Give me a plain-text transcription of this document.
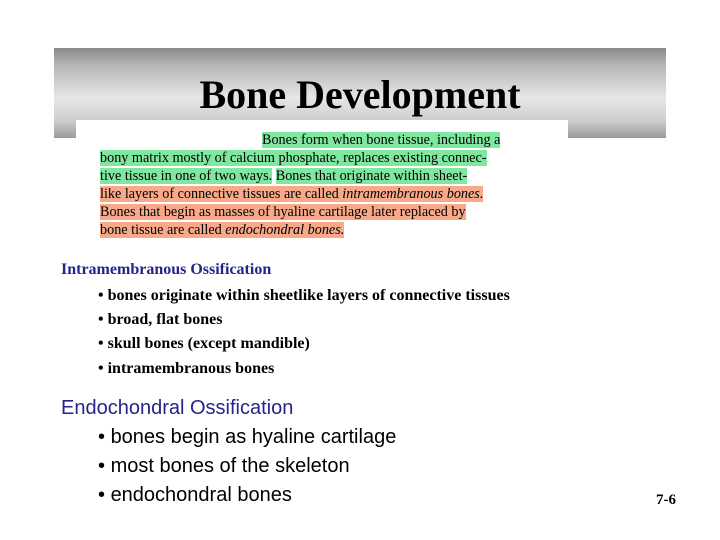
Bone Development
Bones form when bone tissue, including a
bony matrix mostly of calcium phosphate, replaces existing connec-
tive tissue in one of two ways. Bones that originate within sheet-
like layers of connective tissues are called intramembranous bones.
Bones that begin as masses of hyaline cartilage later replaced by
bone tissue are called endochondral bones.
Intramembranous Ossification
• bones originate within sheetlike layers of connective tissues
• broad, flat bones
• skull bones (except mandible)
• intramembranous bones
Endochondral Ossification
• bones begin as hyaline cartilage
• most bones of the skeleton
• endochondral bones	7-6
